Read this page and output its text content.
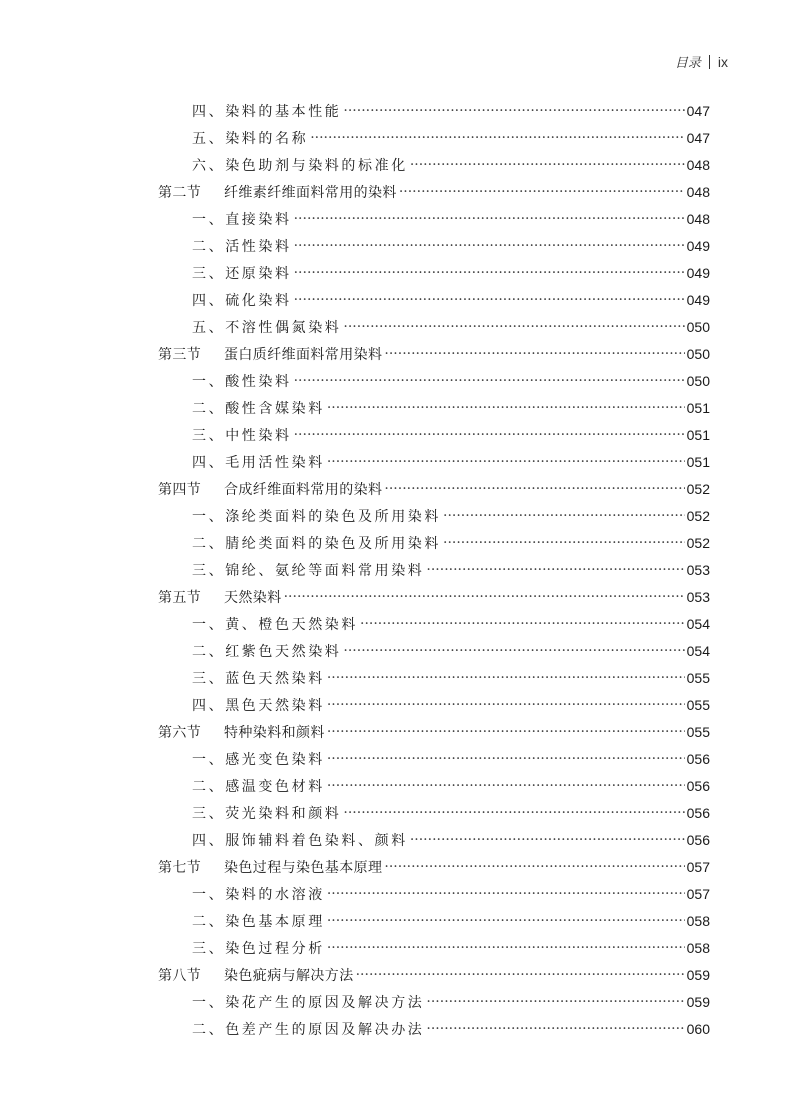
目录 ix
四、染料的基本性能 ·····	047
五、染料的名称 ·····	047
六、染色助剂与染料的标准化 ·····	048
第二节	纤维素纤维面料常用的染料 ·····	048
一、直接染料 ·····	048
二、活性染料 ·····	049
三、还原染料 ·····	049
四、硫化染料 ·····	049
五、不溶性偶氮染料 ·····	050
第三节	蛋白质纤维面料常用染料 ·····	050
一、酸性染料 ·····	050
二、酸性含媒染料 ·····	051
三、中性染料 ·····	051
四、毛用活性染料 ·····	051
第四节	合成纤维面料常用的染料 ·····	052
一、涤纶类面料的染色及所用染料 ·····	052
二、腈纶类面料的染色及所用染料 ·····	052
三、锦纶、氨纶等面料常用染料 ·····	053
第五节	天然染料 ·····	053
一、黄、橙色天然染料 ·····	054
二、红紫色天然染料 ·····	054
三、蓝色天然染料 ·····	055
四、黑色天然染料 ·····	055
第六节	特种染料和颜料 ·····	055
一、感光变色染料 ·····	056
二、感温变色材料 ·····	056
三、荧光染料和颜料 ·····	056
四、服饰辅料着色染料、颜料 ·····	056
第七节	染色过程与染色基本原理 ·····	057
一、染料的水溶液 ·····	057
二、染色基本原理 ·····	058
三、染色过程分析 ·····	058
第八节	染色疵病与解决方法 ·····	059
一、染花产生的原因及解决方法 ·····	059
二、色差产生的原因及解决办法 ·····	060
